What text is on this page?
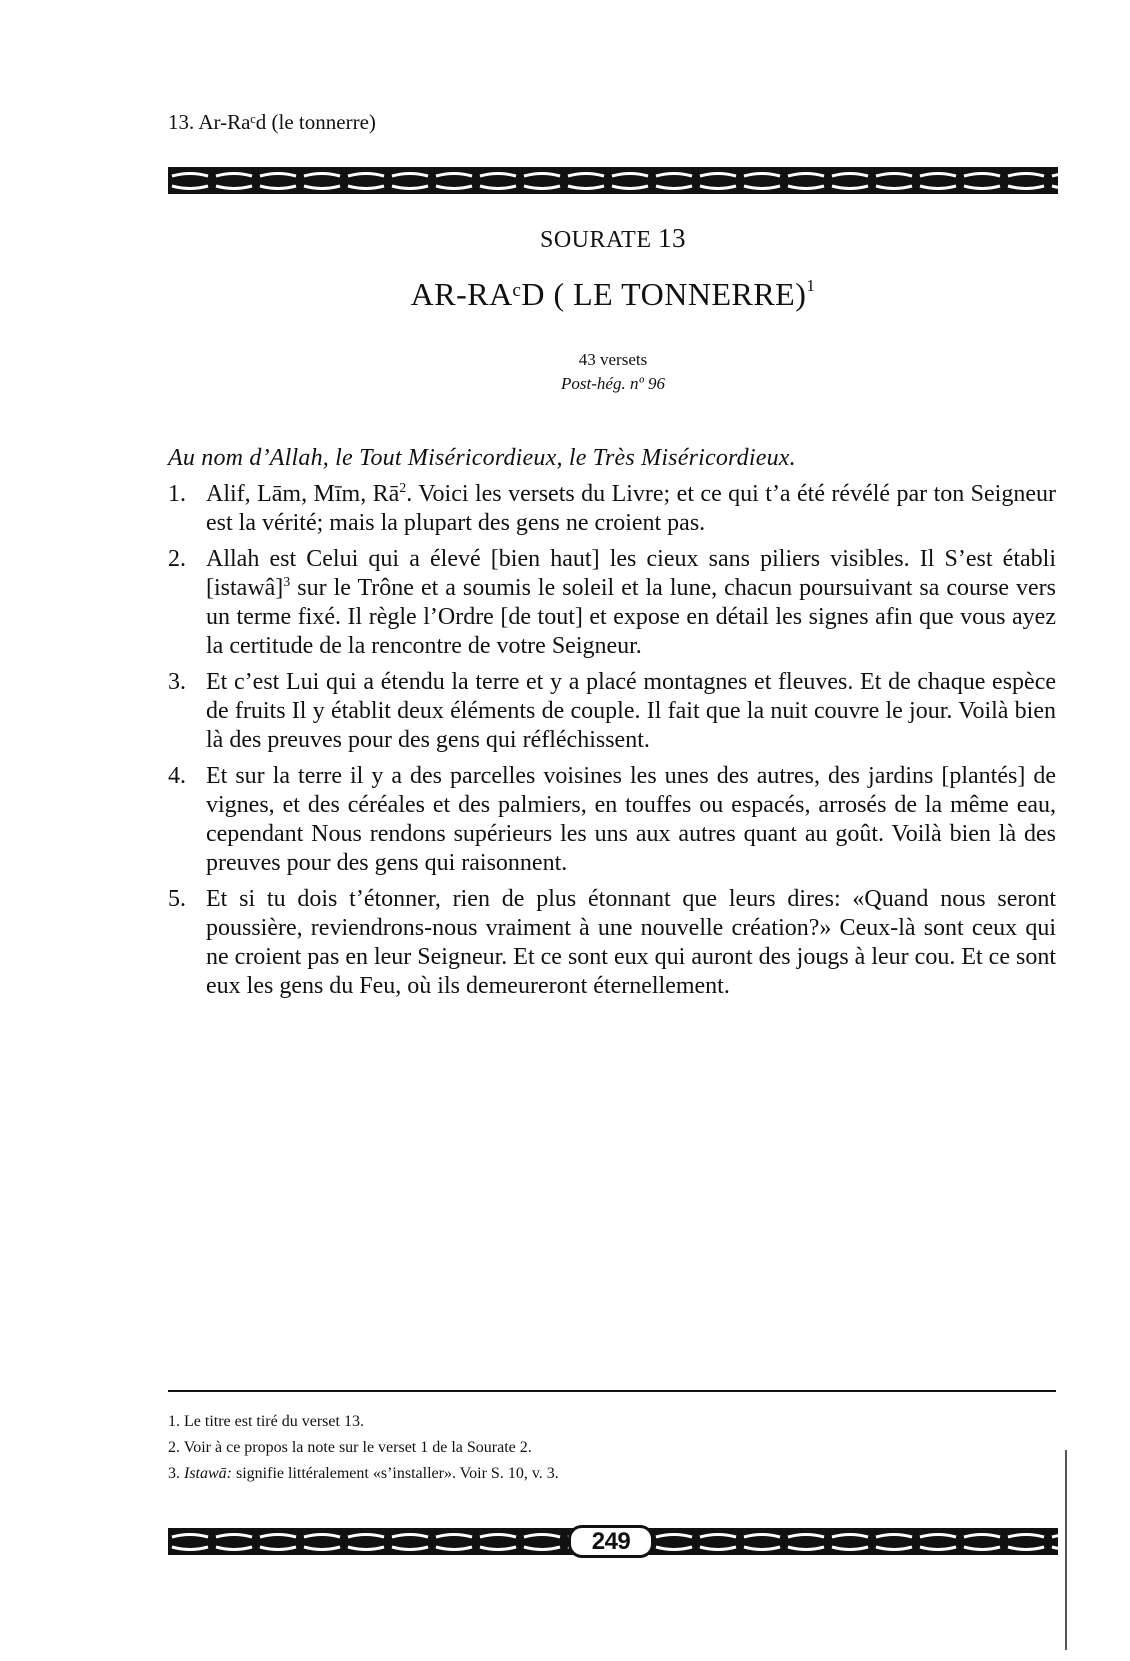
13. Ar-Raᶜd (le tonnerre)
SOURATE 13
AR-RAᶜD ( LE TONNERRE)$^1$
43 versets
Post-hég. nº 96
Au nom d’Allah, le Tout Miséricordieux, le Très Miséricordieux.
1. Alif, Lām, Mīm, $Rā^2$. Voici les versets du Livre; et ce qui t’a été révélé par ton Seigneur est la vérité; mais la plupart des gens ne croient pas.
2. Allah est Celui qui a élevé [bien haut] les cieux sans piliers visibles. Il S’est établi [istawâ]$^3$ sur le Trône et a soumis le soleil et la lune, chacun poursuivant sa course vers un terme fixé. Il règle l’Ordre [de tout] et expose en détail les signes afin que vous ayez la certitude de la rencontre de votre Seigneur.
3. Et c’est Lui qui a étendu la terre et y a placé montagnes et fleuves. Et de chaque espèce de fruits Il y établit deux éléments de couple. Il fait que la nuit couvre le jour. Voilà bien là des preuves pour des gens qui réfléchissent.
4. Et sur la terre il y a des parcelles voisines les unes des autres, des jardins [plantés] de vignes, et des céréales et des palmiers, en touffes ou espacés, arrosés de la même eau, cependant Nous rendons supérieurs les uns aux autres quant au goût. Voilà bien là des preuves pour des gens qui raisonnent.
5. Et si tu dois t’étonner, rien de plus étonnant que leurs dires: «Quand nous seront poussière, reviendrons-nous vraiment à une nouvelle création?» Ceux-là sont ceux qui ne croient pas en leur Seigneur. Et ce sont eux qui auront des jougs à leur cou. Et ce sont eux les gens du Feu, où ils demeureront éternellement.
1. Le titre est tiré du verset 13.
2. Voir à ce propos la note sur le verset 1 de la Sourate 2.
3. Istawā: signifie littéralement «s’installer». Voir S. 10, v. 3.
249
